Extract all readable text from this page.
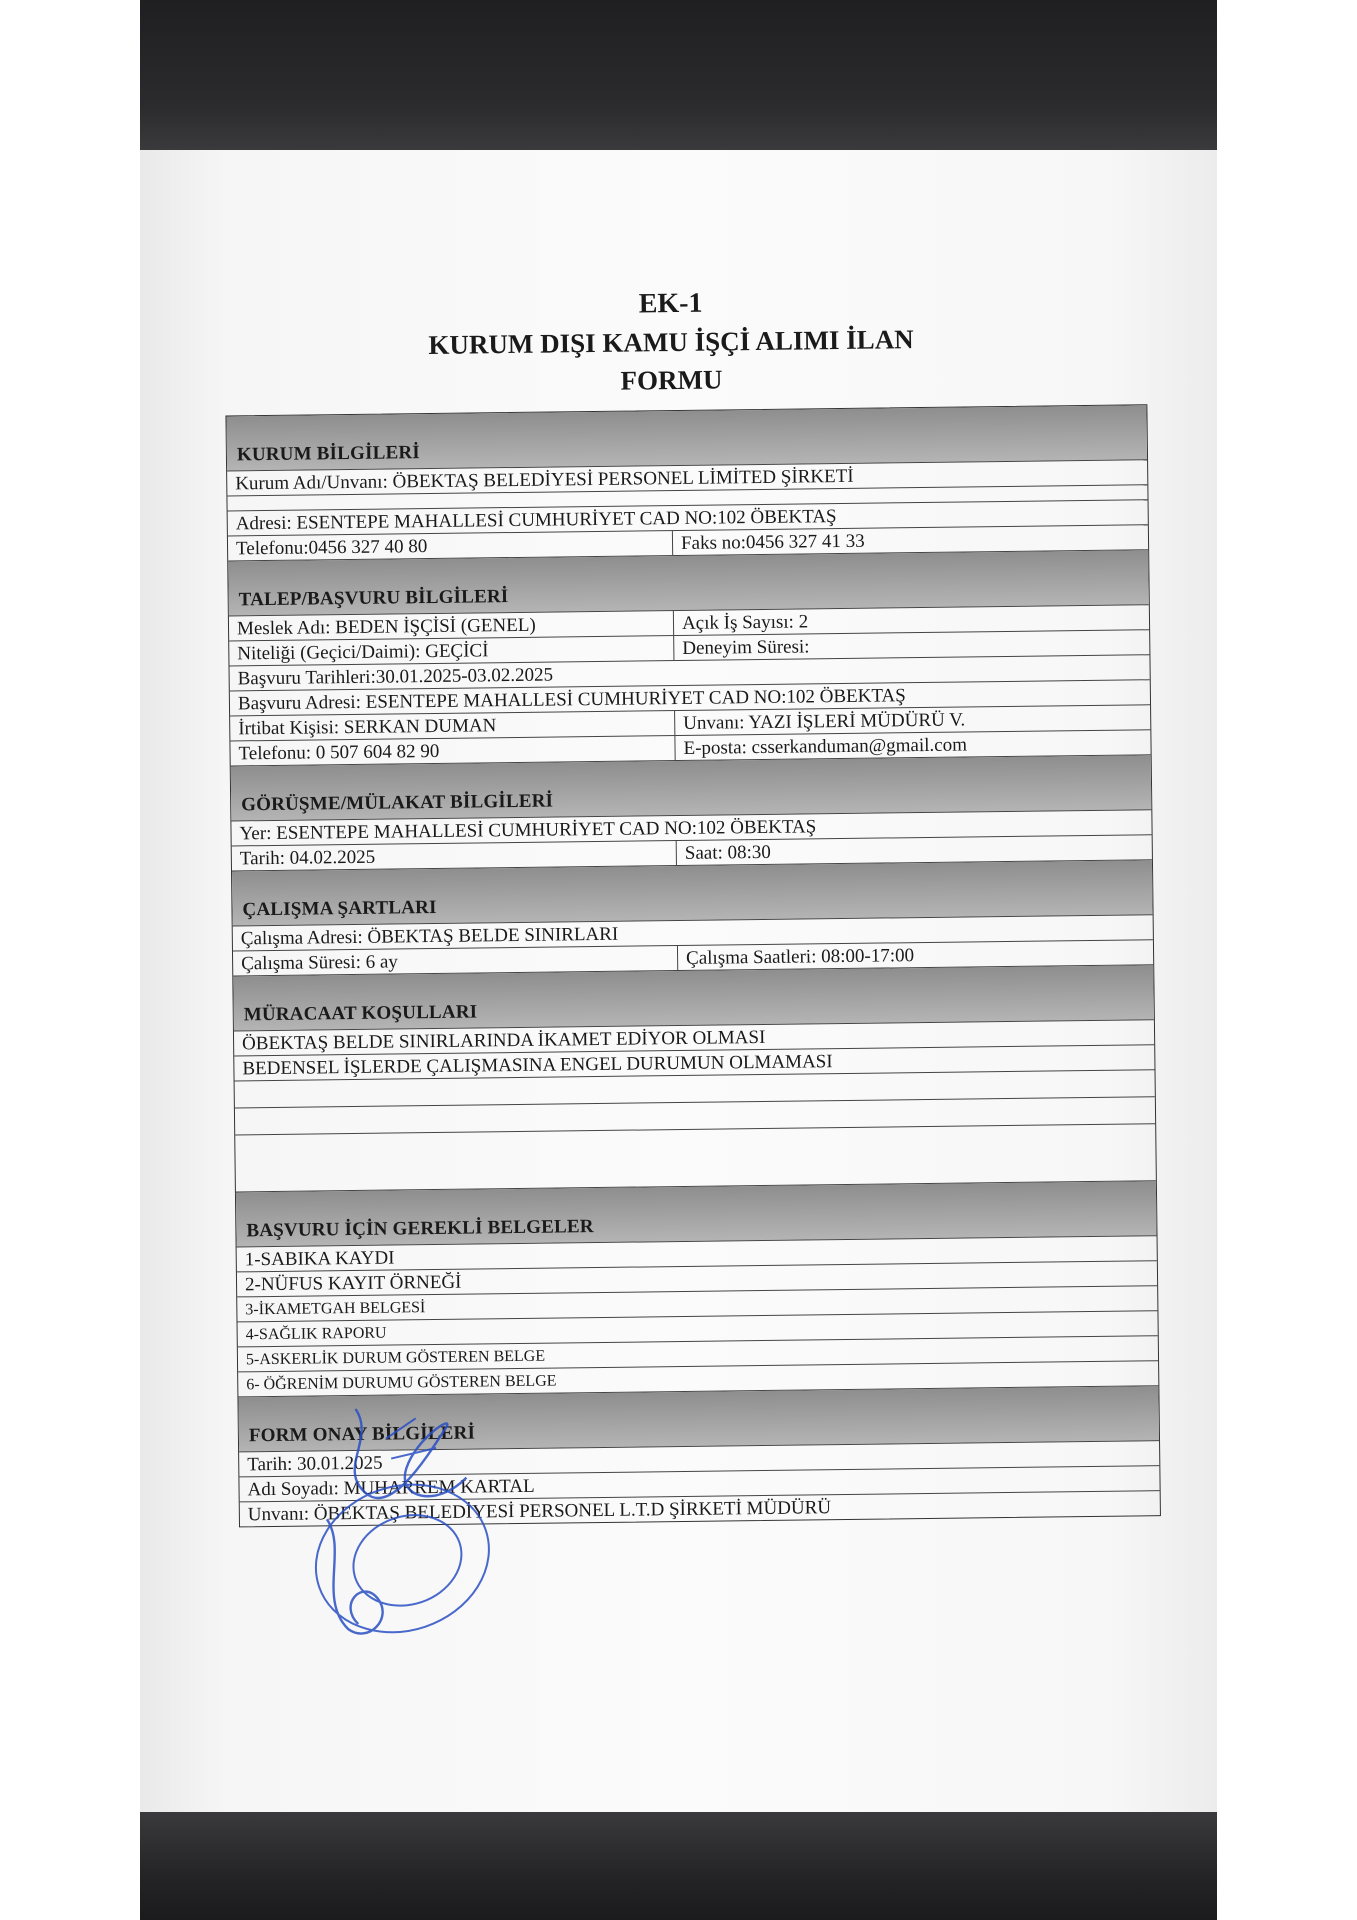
EK-1
KURUM DIŞI KAMU İŞÇİ ALIMI İLAN
FORMU
KURUM BİLGİLERİ
Kurum Adı/Unvanı: ÖBEKTAŞ BELEDİYESİ PERSONEL LİMİTED ŞİRKETİ
Adresi: ESENTEPE MAHALLESİ CUMHURİYET CAD NO:102 ÖBEKTAŞ
Telefonu:0456 327 40 80	Faks no:0456 327 41 33
TALEP/BAŞVURU BİLGİLERİ
Meslek Adı: BEDEN İŞÇİSİ (GENEL)	Açık İş Sayısı: 2
Niteliği (Geçici/Daimi): GEÇİCİ	Deneyim Süresi:
Başvuru Tarihleri:30.01.2025-03.02.2025
Başvuru Adresi: ESENTEPE MAHALLESİ CUMHURİYET CAD NO:102 ÖBEKTAŞ
İrtibat Kişisi: SERKAN DUMAN	Unvanı: YAZI İŞLERİ MÜDÜRÜ V.
Telefonu: 0 507 604 82 90	E-posta: csserkanduman@gmail.com
GÖRÜŞME/MÜLAKAT BİLGİLERİ
Yer: ESENTEPE MAHALLESİ CUMHURİYET CAD NO:102 ÖBEKTAŞ
Tarih: 04.02.2025	Saat: 08:30
ÇALIŞMA ŞARTLARI
Çalışma Adresi: ÖBEKTAŞ BELDE SINIRLARI
Çalışma Süresi: 6 ay	Çalışma Saatleri: 08:00-17:00
MÜRACAAT KOŞULLARI
ÖBEKTAŞ BELDE SINIRLARINDA İKAMET EDİYOR OLMASI
BEDENSEL İŞLERDE ÇALIŞMASINA ENGEL DURUMUN OLMAMASI
BAŞVURU İÇİN GEREKLİ BELGELER
1-SABIKA KAYDI
2-NÜFUS KAYIT ÖRNEĞİ
3-İKAMETGAH BELGESİ
4-SAĞLIK RAPORU
5-ASKERLİK DURUM GÖSTEREN BELGE
6- ÖĞRENİM DURUMU GÖSTEREN BELGE
FORM ONAY BİLGİLERİ
Tarih: 30.01.2025
Adı Soyadı: MUHARREM KARTAL
Unvanı: ÖBEKTAŞ BELEDİYESİ PERSONEL L.T.D ŞİRKETİ MÜDÜRÜ
